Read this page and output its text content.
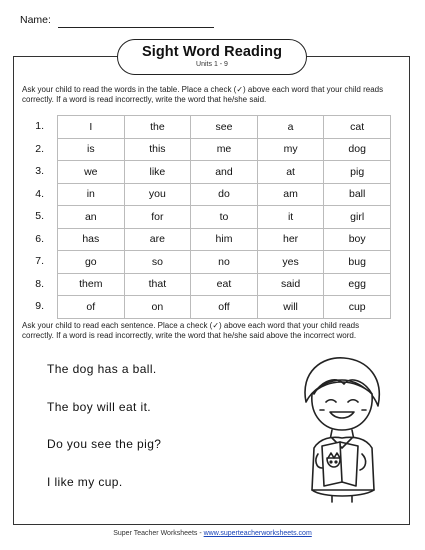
Name:
Sight Word Reading
Units 1 - 9
Ask your child to read the words in the table. Place a check (✓) above each word that your child reads correctly. If a word is read incorrectly, write the word that he/she said.
1.
2.
3.
4.
5.
6.
7.
8.
9.
I	the	see	a	cat
is	this	me	my	dog
we	like	and	at	pig
in	you	do	am	ball
an	for	to	it	girl
has	are	him	her	boy
go	so	no	yes	bug
them	that	eat	said	egg
of	on	off	will	cup
Ask your child to read each sentence. Place a check (✓) above each word that your child reads correctly. If a word is read incorrectly, write the word that he/she said above the incorrect word.
The dog has a ball.
The boy will eat it.
Do you see the pig?
I like my cup.
Super Teacher Worksheets - www.superteacherworksheets.com
